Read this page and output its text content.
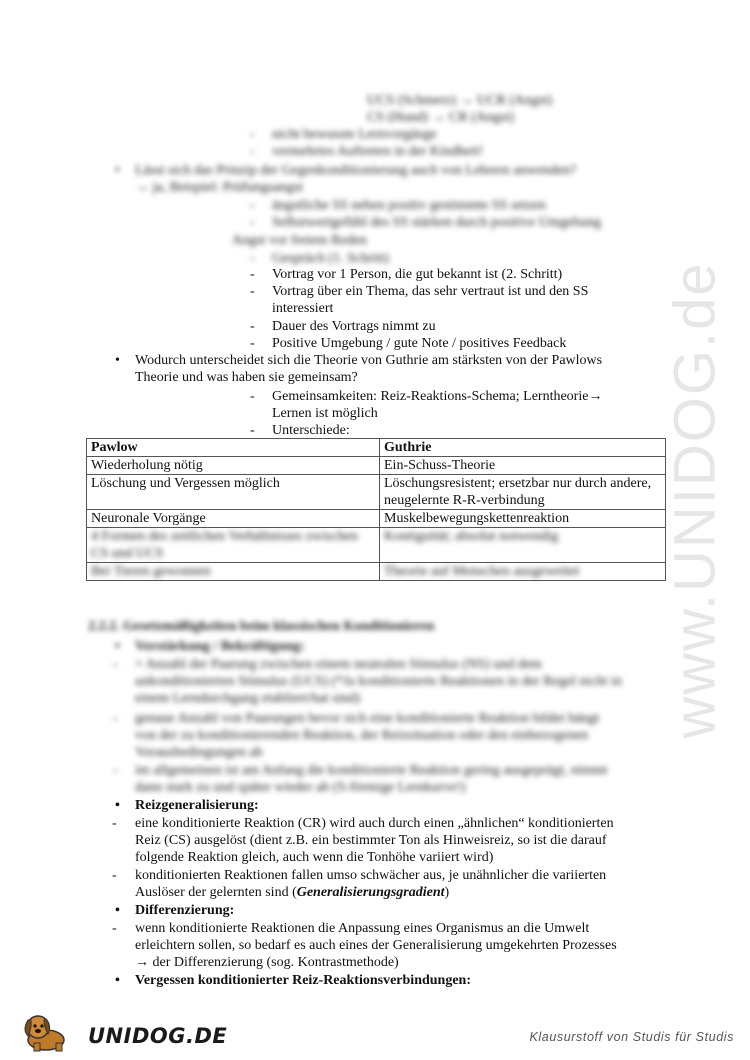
www.UNIDOG.de
UCS (Schmerz) → UCR (Angst)
CS (Hund) → CR (Angst)
- nicht bewusste Lernvorgänge
- vermehrtes Auftreten in der Kindheit!
• Lässt sich das Prinzip der Gegenkonditionierung auch von Lehrern anwenden?
→ ja, Beispiel: Prüfungsangst
- ängstliche SS neben positiv gestimmte SS setzen
- Selbstwertgefühl des SS stärken durch positive Umgebung
Angst vor freiem Reden
- Gespräch (1. Schritt)
- Vortrag vor 1 Person, die gut bekannt ist (2. Schritt)
- Vortrag über ein Thema, das sehr vertraut ist und den SS
interessiert
- Dauer des Vortrags nimmt zu
- Positive Umgebung / gute Note / positives Feedback
• Wodurch unterscheidet sich die Theorie von Guthrie am stärksten von der Pawlows
Theorie und was haben sie gemeinsam?
- Gemeinsamkeiten: Reiz-Reaktions-Schema; Lerntheorie→
Lernen ist möglich
- Unterschiede:
Pawlow	Guthrie
Wiederholung nötig	Ein-Schuss-Theorie
Löschung und Vergessen möglich	Löschungsresistent; ersetzbar nur durch andere, neugelernte R-R-verbindung
Neuronale Vorgänge	Muskelbewegungskettenreaktion
4 Formen des zeitlichen Verhältnisses zwischen CS und UCS	Kontiguität; absolut notwendig
Bei Tieren gewonnen	Theorie auf Menschen ausgeweitet
2.2.2. Gesetzmäßigkeiten beim klassischen Konditionieren
• Verstärkung / Bekräftigung:
- = Anzahl der Paarung zwischen einem neutralen Stimulus (NS) und dem
unkonditionierten Stimulus (UCS) (*Ja konditionierte Reaktionen in der Regel nicht in
einem Lerndurchgang etabliert/hat sind)
- genaue Anzahl von Paarungen bevor sich eine konditionierte Reaktion bildet hängt
von der zu konditionierenden Reaktion, der Reizsituation oder den einbezogenen
Vorausbedingungen ab
- im allgemeinen ist am Anfang die konditionierte Reaktion gering ausgeprägt, nimmt
dann stark zu und später wieder ab (S-förmige Lernkurve!)
• Reizgeneralisierung:
- eine konditionierte Reaktion (CR) wird auch durch einen „ähnlichen“ konditionierten
Reiz (CS) ausgelöst (dient z.B. ein bestimmter Ton als Hinweisreiz, so ist die darauf
folgende Reaktion gleich, auch wenn die Tonhöhe variiert wird)
- konditionierten Reaktionen fallen umso schwächer aus, je unähnlicher die variierten
Auslöser der gelernten sind (Generalisierungsgradient)
• Differenzierung:
- wenn konditionierte Reaktionen die Anpassung eines Organismus an die Umwelt
erleichtern sollen, so bedarf es auch eines der Generalisierung umgekehrten Prozesses
→ der Differenzierung (sog. Kontrastmethode)
• Vergessen konditionierter Reiz-Reaktionsverbindungen:
UNIDOG.DE	Klausurstoff von Studis für Studis
